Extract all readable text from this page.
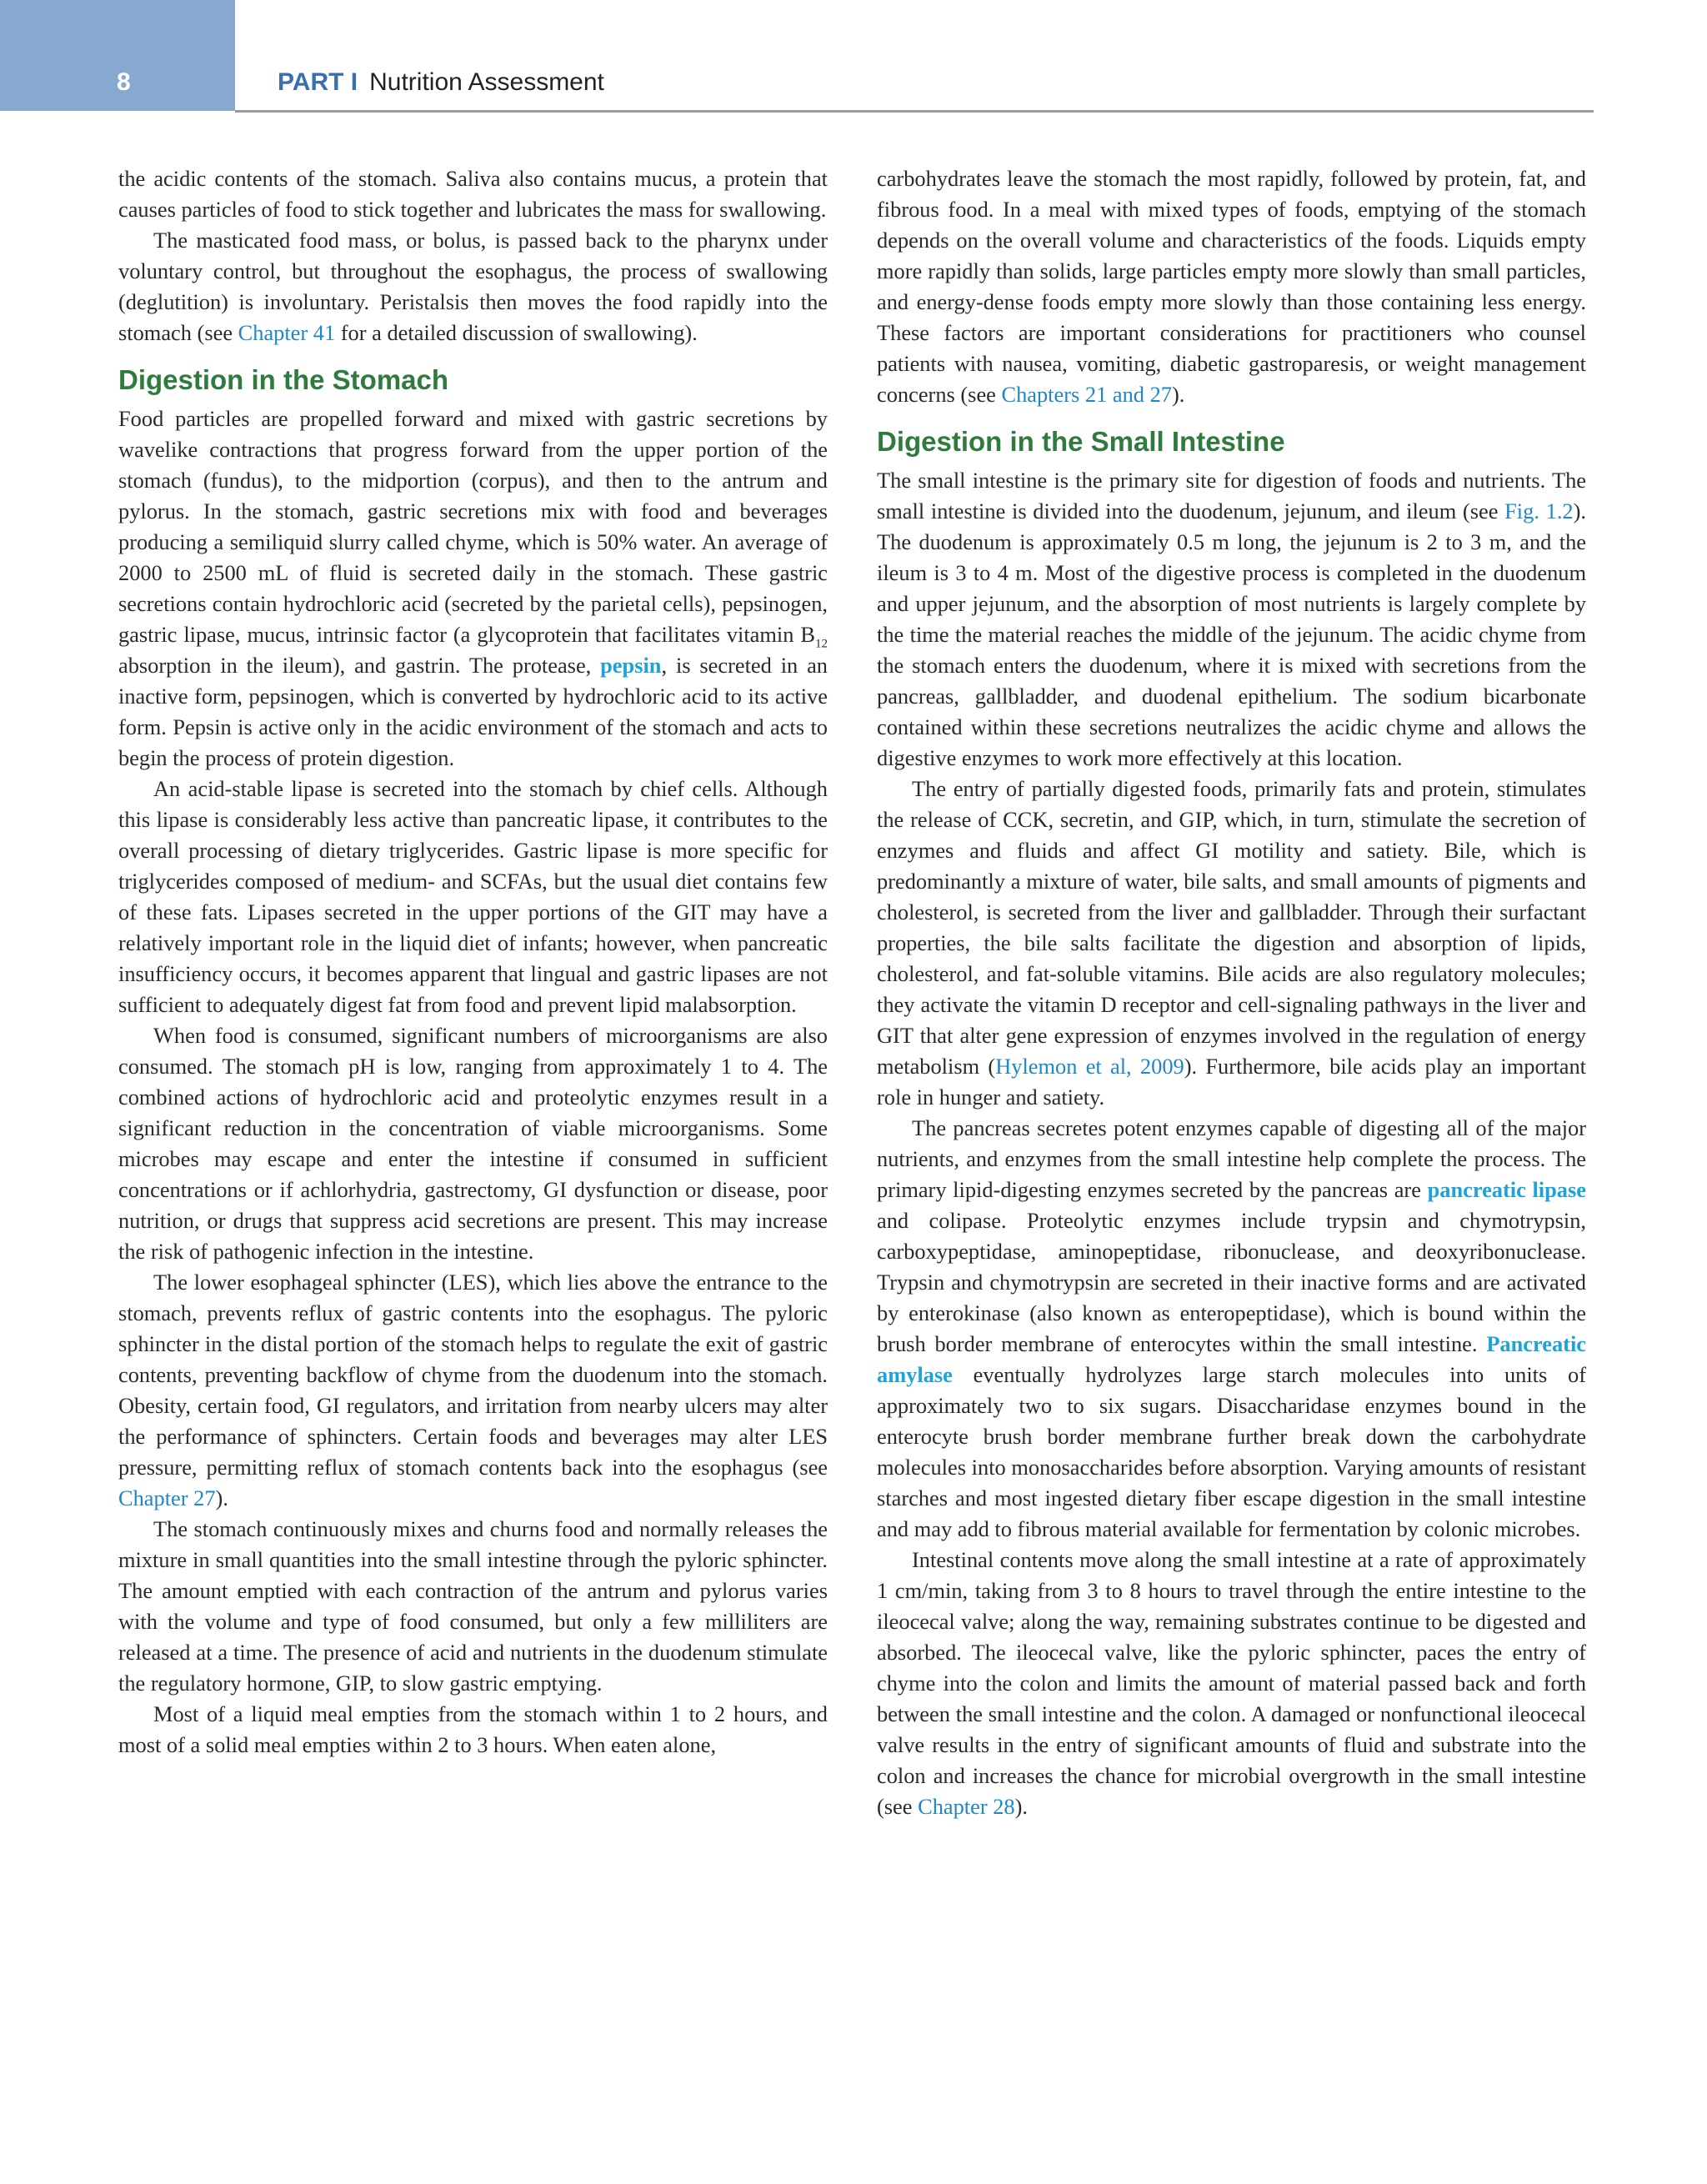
8	PART I Nutrition Assessment

the acidic contents of the stomach. Saliva also contains mucus, a protein that causes particles of food to stick together and lubricates the mass for swallowing.

The masticated food mass, or bolus, is passed back to the pharynx under voluntary control, but throughout the esophagus, the process of swallowing (deglutition) is involuntary. Peristalsis then moves the food rapidly into the stomach (see Chapter 41 for a detailed discussion of swallowing).

Digestion in the Stomach

Food particles are propelled forward and mixed with gastric secretions by wavelike contractions that progress forward from the upper portion of the stomach (fundus), to the midportion (corpus), and then to the antrum and pylorus. In the stomach, gastric secretions mix with food and beverages producing a semiliquid slurry called chyme, which is 50% water. An average of 2000 to 2500 mL of fluid is secreted daily in the stomach. These gastric secretions contain hydrochloric acid (secreted by the parietal cells), pepsinogen, gastric lipase, mucus, intrinsic factor (a glycoprotein that facilitates vitamin $B_{12}$ absorption in the ileum), and gastrin. The protease, pepsin, is secreted in an inactive form, pepsinogen, which is converted by hydrochloric acid to its active form. Pepsin is active only in the acidic environment of the stomach and acts to begin the process of protein digestion.

An acid-stable lipase is secreted into the stomach by chief cells. Although this lipase is considerably less active than pancreatic lipase, it contributes to the overall processing of dietary triglycerides. Gastric lipase is more specific for triglycerides composed of medium- and SCFAs, but the usual diet contains few of these fats. Lipases secreted in the upper portions of the GIT may have a relatively important role in the liquid diet of infants; however, when pancreatic insufficiency occurs, it becomes apparent that lingual and gastric lipases are not sufficient to adequately digest fat from food and prevent lipid malabsorption.

When food is consumed, significant numbers of microorganisms are also consumed. The stomach pH is low, ranging from approximately 1 to 4. The combined actions of hydrochloric acid and proteolytic enzymes result in a significant reduction in the concentration of viable microorganisms. Some microbes may escape and enter the intestine if consumed in sufficient concentrations or if achlorhydria, gastrectomy, GI dysfunction or disease, poor nutrition, or drugs that suppress acid secretions are present. This may increase the risk of pathogenic infection in the intestine.

The lower esophageal sphincter (LES), which lies above the entrance to the stomach, prevents reflux of gastric contents into the esophagus. The pyloric sphincter in the distal portion of the stomach helps to regulate the exit of gastric contents, preventing backflow of chyme from the duodenum into the stomach. Obesity, certain food, GI regulators, and irritation from nearby ulcers may alter the performance of sphincters. Certain foods and beverages may alter LES pressure, permitting reflux of stomach contents back into the esophagus (see Chapter 27).

The stomach continuously mixes and churns food and normally releases the mixture in small quantities into the small intestine through the pyloric sphincter. The amount emptied with each contraction of the antrum and pylorus varies with the volume and type of food consumed, but only a few milliliters are released at a time. The presence of acid and nutrients in the duodenum stimulate the regulatory hormone, GIP, to slow gastric emptying.

Most of a liquid meal empties from the stomach within 1 to 2 hours, and most of a solid meal empties within 2 to 3 hours. When eaten alone,

carbohydrates leave the stomach the most rapidly, followed by protein, fat, and fibrous food. In a meal with mixed types of foods, emptying of the stomach depends on the overall volume and characteristics of the foods. Liquids empty more rapidly than solids, large particles empty more slowly than small particles, and energy-dense foods empty more slowly than those containing less energy. These factors are important considerations for practitioners who counsel patients with nausea, vomiting, diabetic gastroparesis, or weight management concerns (see Chapters 21 and 27).

Digestion in the Small Intestine

The small intestine is the primary site for digestion of foods and nutrients. The small intestine is divided into the duodenum, jejunum, and ileum (see Fig. 1.2). The duodenum is approximately 0.5 m long, the jejunum is 2 to 3 m, and the ileum is 3 to 4 m. Most of the digestive process is completed in the duodenum and upper jejunum, and the absorption of most nutrients is largely complete by the time the material reaches the middle of the jejunum. The acidic chyme from the stomach enters the duodenum, where it is mixed with secretions from the pancreas, gallbladder, and duodenal epithelium. The sodium bicarbonate contained within these secretions neutralizes the acidic chyme and allows the digestive enzymes to work more effectively at this location.

The entry of partially digested foods, primarily fats and protein, stimulates the release of CCK, secretin, and GIP, which, in turn, stimulate the secretion of enzymes and fluids and affect GI motility and satiety. Bile, which is predominantly a mixture of water, bile salts, and small amounts of pigments and cholesterol, is secreted from the liver and gallbladder. Through their surfactant properties, the bile salts facilitate the digestion and absorption of lipids, cholesterol, and fat-soluble vitamins. Bile acids are also regulatory molecules; they activate the vitamin D receptor and cell-signaling pathways in the liver and GIT that alter gene expression of enzymes involved in the regulation of energy metabolism (Hylemon et al, 2009). Furthermore, bile acids play an important role in hunger and satiety.

The pancreas secretes potent enzymes capable of digesting all of the major nutrients, and enzymes from the small intestine help complete the process. The primary lipid-digesting enzymes secreted by the pancreas are pancreatic lipase and colipase. Proteolytic enzymes include trypsin and chymotrypsin, carboxypeptidase, aminopeptidase, ribonuclease, and deoxyribonuclease. Trypsin and chymotrypsin are secreted in their inactive forms and are activated by enterokinase (also known as enteropeptidase), which is bound within the brush border membrane of enterocytes within the small intestine. Pancreatic amylase eventually hydrolyzes large starch molecules into units of approximately two to six sugars. Disaccharidase enzymes bound in the enterocyte brush border membrane further break down the carbohydrate molecules into monosaccharides before absorption. Varying amounts of resistant starches and most ingested dietary fiber escape digestion in the small intestine and may add to fibrous material available for fermentation by colonic microbes.

Intestinal contents move along the small intestine at a rate of approximately 1 cm/min, taking from 3 to 8 hours to travel through the entire intestine to the ileocecal valve; along the way, remaining substrates continue to be digested and absorbed. The ileocecal valve, like the pyloric sphincter, paces the entry of chyme into the colon and limits the amount of material passed back and forth between the small intestine and the colon. A damaged or nonfunctional ileocecal valve results in the entry of significant amounts of fluid and substrate into the colon and increases the chance for microbial overgrowth in the small intestine (see Chapter 28).
